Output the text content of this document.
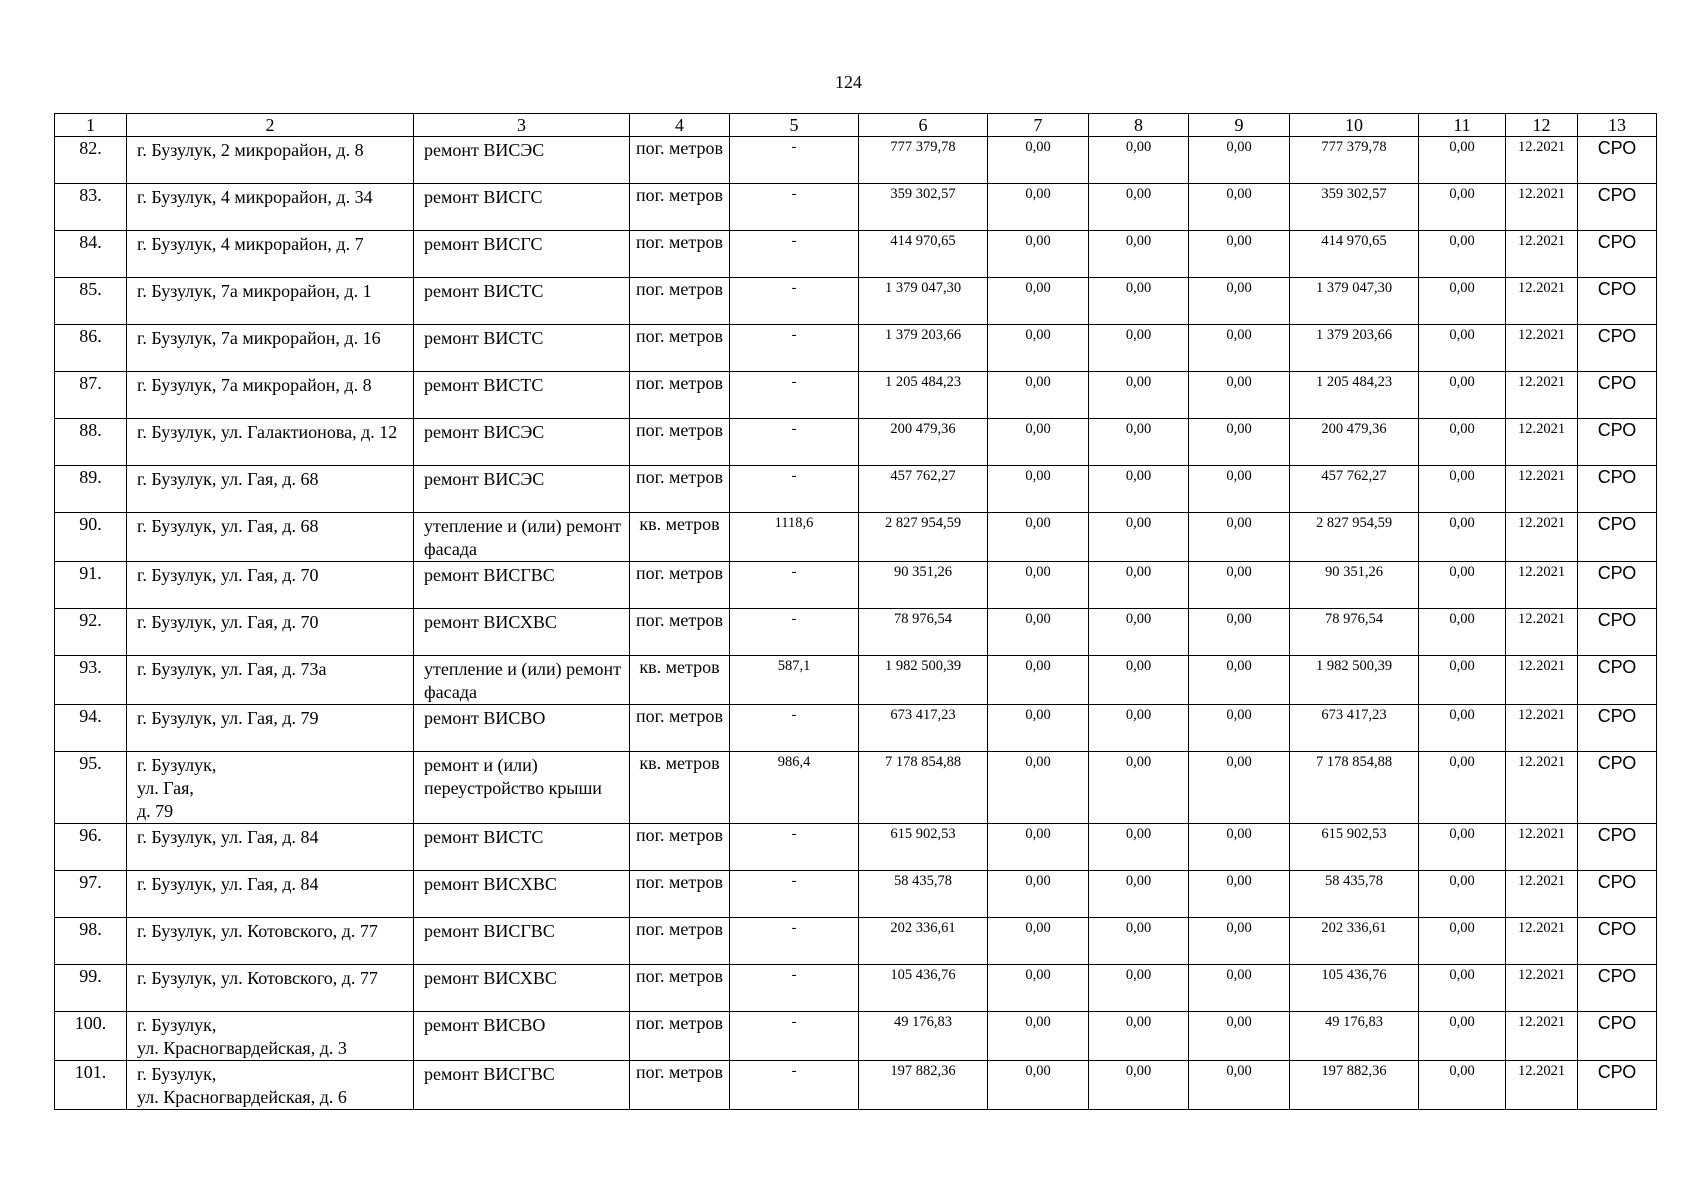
124
1	2	3	4	5	6	7	8	9	10	11	12	13
82.	г. Бузулук, 2 микрорайон, д. 8	ремонт ВИСЭС	пог. метров	-	777 379,78	0,00	0,00	0,00	777 379,78	0,00	12.2021	СРО
83.	г. Бузулук, 4 микрорайон, д. 34	ремонт ВИСГС	пог. метров	-	359 302,57	0,00	0,00	0,00	359 302,57	0,00	12.2021	СРО
84.	г. Бузулук, 4 микрорайон, д. 7	ремонт ВИСГС	пог. метров	-	414 970,65	0,00	0,00	0,00	414 970,65	0,00	12.2021	СРО
85.	г. Бузулук, 7а микрорайон, д. 1	ремонт ВИСТС	пог. метров	-	1 379 047,30	0,00	0,00	0,00	1 379 047,30	0,00	12.2021	СРО
86.	г. Бузулук, 7а микрорайон, д. 16	ремонт ВИСТС	пог. метров	-	1 379 203,66	0,00	0,00	0,00	1 379 203,66	0,00	12.2021	СРО
87.	г. Бузулук, 7а микрорайон, д. 8	ремонт ВИСТС	пог. метров	-	1 205 484,23	0,00	0,00	0,00	1 205 484,23	0,00	12.2021	СРО
88.	г. Бузулук, ул. Галактионова, д. 12	ремонт ВИСЭС	пог. метров	-	200 479,36	0,00	0,00	0,00	200 479,36	0,00	12.2021	СРО
89.	г. Бузулук, ул. Гая, д. 68	ремонт ВИСЭС	пог. метров	-	457 762,27	0,00	0,00	0,00	457 762,27	0,00	12.2021	СРО
90.	г. Бузулук, ул. Гая, д. 68	утепление и (или) ремонт фасада	кв. метров	1118,6	2 827 954,59	0,00	0,00	0,00	2 827 954,59	0,00	12.2021	СРО
91.	г. Бузулук, ул. Гая, д. 70	ремонт ВИСГВС	пог. метров	-	90 351,26	0,00	0,00	0,00	90 351,26	0,00	12.2021	СРО
92.	г. Бузулук, ул. Гая, д. 70	ремонт ВИСХВС	пог. метров	-	78 976,54	0,00	0,00	0,00	78 976,54	0,00	12.2021	СРО
93.	г. Бузулук, ул. Гая, д. 73а	утепление и (или) ремонт фасада	кв. метров	587,1	1 982 500,39	0,00	0,00	0,00	1 982 500,39	0,00	12.2021	СРО
94.	г. Бузулук, ул. Гая, д. 79	ремонт ВИСВО	пог. метров	-	673 417,23	0,00	0,00	0,00	673 417,23	0,00	12.2021	СРО
95.	г. Бузулук,
ул. Гая,
д. 79	ремонт и (или) переустройство крыши	кв. метров	986,4	7 178 854,88	0,00	0,00	0,00	7 178 854,88	0,00	12.2021	СРО
96.	г. Бузулук, ул. Гая, д. 84	ремонт ВИСТС	пог. метров	-	615 902,53	0,00	0,00	0,00	615 902,53	0,00	12.2021	СРО
97.	г. Бузулук, ул. Гая, д. 84	ремонт ВИСХВС	пог. метров	-	58 435,78	0,00	0,00	0,00	58 435,78	0,00	12.2021	СРО
98.	г. Бузулук, ул. Котовского, д. 77	ремонт ВИСГВС	пог. метров	-	202 336,61	0,00	0,00	0,00	202 336,61	0,00	12.2021	СРО
99.	г. Бузулук, ул. Котовского, д. 77	ремонт ВИСХВС	пог. метров	-	105 436,76	0,00	0,00	0,00	105 436,76	0,00	12.2021	СРО
100.	г. Бузулук,
ул. Красногвардейская, д. 3	ремонт ВИСВО	пог. метров	-	49 176,83	0,00	0,00	0,00	49 176,83	0,00	12.2021	СРО
101.	г. Бузулук,
ул. Красногвардейская, д. 6	ремонт ВИСГВС	пог. метров	-	197 882,36	0,00	0,00	0,00	197 882,36	0,00	12.2021	СРО
